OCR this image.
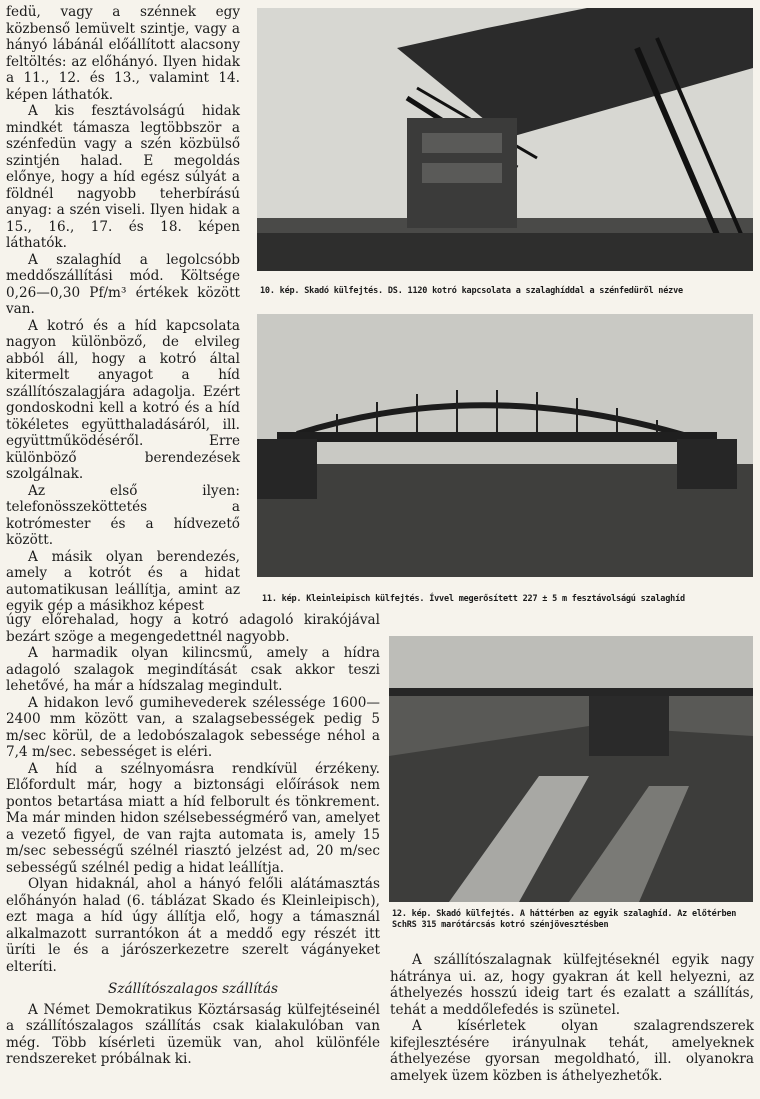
fedü, vagy a szénnek egy közbenső lemüvelt szintje, vagy a hányó lábánál előállított alacsony feltöltés: az előhányó. Ilyen hidak a 11., 12. és 13., valamint 14. képen láthatók.

A kis fesztávolságú hidak mindkét támasza legtöbbször a szénfedün vagy a szén közbülső szintjén halad. E megoldás előnye, hogy a híd egész súlyát a földnél nagyobb teherbírású anyag: a szén viseli. Ilyen hidak a 15., 16., 17. és 18. képen láthatók.

A szalaghíd a legolcsóbb meddőszállítási mód. Költsége 0,26—0,30 Pf/m³ értékek között van.

A kotró és a híd kapcsolata nagyon különböző, de elvileg abból áll, hogy a kotró által kitermelt anyagot a híd szállítószalagjára adagolja. Ezért gondoskodni kell a kotró és a híd tökéletes együtthaladásáról, ill. együttműködéséről. Erre különböző berendezések szolgálnak.

Az első ilyen: telefonösszeköttetés a kotrómester és a hídvezető között.

A másik olyan berendezés, amely a kotrót és a hidat automatikusan leállítja, amint az egyik gép a másikhoz képest

úgy előrehalad, hogy a kotró adagoló kirakójával bezárt szöge a megengedettnél nagyobb.

A harmadik olyan kilincsmű, amely a hídra adagoló szalagok megindítását csak akkor teszi lehetővé, ha már a hídszalag megindult.

A hidakon levő gumihevederek szélessége 1600—2400 mm között van, a szalagsebességek pedig 5 m/sec körül, de a ledobószalagok sebessége néhol a 7,4 m/sec. sebességet is eléri.

A híd a szélnyomásra rendkívül érzékeny. Előfordult már, hogy a biztonsági előírások nem pontos betartása miatt a híd felborult és tönkrement. Ma már minden hidon szélsebességmérő van, amelyet a vezető figyel, de van rajta automata is, amely 15 m/sec sebességű szélnél riasztó jelzést ad, 20 m/sec sebességű szélnél pedig a hidat leállítja.

Olyan hidaknál, ahol a hányó felőli alátámasztás előhányón halad (6. táblázat Skado és Kleinleipisch), ezt maga a híd úgy állítja elő, hogy a támasznál alkalmazott surrantókon át a meddő egy részét itt üríti le és a járószerkezetre szerelt vágányeket elteríti.

Szállítószalagos szállítás

A Német Demokratikus Köztársaság külfejtéseinél a szállítószalagos szállítás csak kialakulóban van még. Több kísérleti üzemük van, ahol különféle rendszereket próbálnak ki.

10. kép. Skadó külfejtés. DS. 1120 kotró kapcsolata a szalaghíddal a szénfedüről nézve
11. kép. Kleinleipisch külfejtés. Ívvel megerősített 227 ± 5 m fesztávolságú szalaghíd
12. kép. Skadó külfejtés. A háttérben az egyik szalaghíd. Az előtérben SchRS 315 marótárcsás kotró szénjövesztésben

A szállítószalagnak külfejtéseknél egyik nagy hátránya ui. az, hogy gyakran át kell helyezni, az áthelyezés hosszú ideig tart és ezalatt a szállítás, tehát a meddőlefedés is szünetel.

A kísérletek olyan szalagrendszerek kifejlesztésére irányulnak tehát, amelyeknek áthelyezése gyorsan megoldható, ill. olyanokra amelyek üzem közben is áthelyezhetők.
